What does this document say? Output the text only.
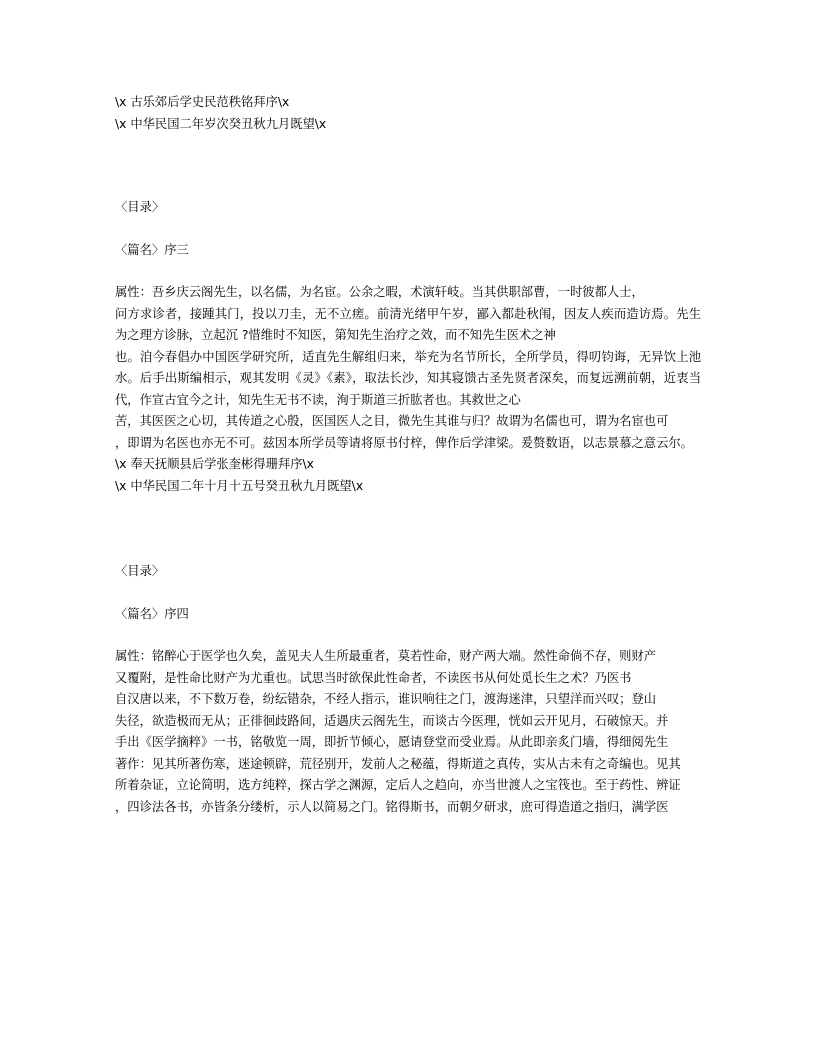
\x 古乐郊后学史民范秩铭拜序\x
\x 中华民国二年岁次癸丑秋九月既望\x
〈目录〉
〈篇名〉序三

属性：吾乡庆云阁先生，以名儒，为名宦。公余之暇，术演轩岐。当其供职部曹，一时彼都人士，

问方求诊者，接踵其门，投以刀圭，无不立瘥。前清光绪甲午岁，鄙入都赴秋闱，因友人疾而造访焉。先生为之理方诊脉，立起沉 ?惜维时不知医，第知先生治疗之效，而不知先生医术之神

也。洎今春倡办中国医学研究所，适直先生解组归来，举充为名节所长，全所学员，得叨钧诲，无异饮上池水。后手出斯编相示，观其发明《灵》《素》，取法长沙，知其寝馈古圣先贤者深矣，而复远溯前朝，近衷当代，作宣古宜今之计，知先生无书不读，洵于斯道三折肱者也。其救世之心

苦，其医医之心切，其传道之心殷，医国医人之目，微先生其谁与归？故谓为名儒也可，谓为名宦也可

，即谓为名医也亦无不可。兹因本所学员等请将原书付梓，俾作后学津梁。爰赘数语，以志景慕之意云尔。

\x 奉天抚顺县后学张奎彬得珊拜序\x

\x 中华民国二年十月十五号癸丑秋九月既望\x

〈目录〉
〈篇名〉序四

属性：铭醉心于医学也久矣，盖见夫人生所最重者，莫若性命，财产两大端。然性命倘不存，则财产

又覆附，是性命比财产为尤重也。试思当时欲保此性命者，不读医书从何处觅长生之术？乃医书

自汉唐以来，不下数万卷，纷纭错杂，不经人指示，谁识响往之门，渡海迷津，只望洋而兴叹；登山

失径，欲造极而无从；正徘徊歧路间，适遇庆云阁先生，而谈古今医理，恍如云开见月，石破惊天。并

手出《医学摘粹》一书，铭敬览一周，即折节倾心，愿请登堂而受业焉。从此即亲炙门墙，得细阅先生

著作：见其所著伤寒，迷途顿辟，荒径别开，发前人之秘蕴，得斯道之真传，实从古未有之奇编也。见其

所着杂证，立论简明，选方纯粹，探古学之渊源，定后人之趋向，亦当世渡人之宝筏也。至于药性、辨证

，四诊法各书，亦皆条分缕析，示人以简易之门。铭得斯书，而朝夕研求，庶可得造道之指归，满学医
